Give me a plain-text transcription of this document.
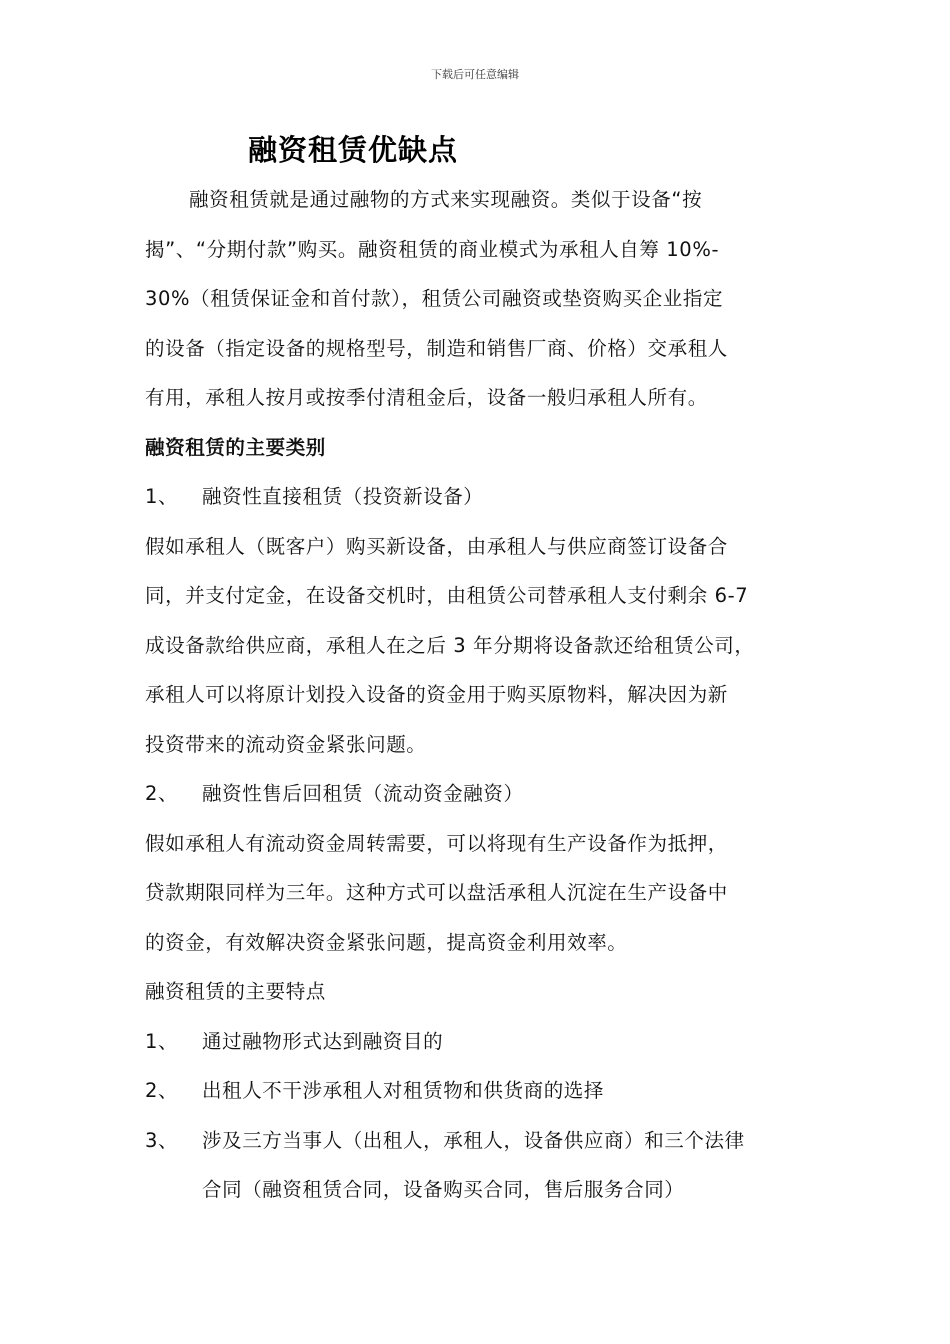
下载后可任意编辑
融资租赁优缺点
融资租赁就是通过融物的方式来实现融资。类似于设备“按
揭”、“分期付款”购买。融资租赁的商业模式为承租人自筹 10%-
30%（租赁保证金和首付款），租赁公司融资或垫资购买企业指定
的设备（指定设备的规格型号，制造和销售厂商、价格）交承租人
有用，承租人按月或按季付清租金后，设备一般归承租人所有。
融资租赁的主要类别
1、 融资性直接租赁（投资新设备）
假如承租人（既客户）购买新设备，由承租人与供应商签订设备合
同，并支付定金，在设备交机时，由租赁公司替承租人支付剩余 6-7
成设备款给供应商，承租人在之后 3 年分期将设备款还给租赁公司，
承租人可以将原计划投入设备的资金用于购买原物料，解决因为新
投资带来的流动资金紧张问题。
2、 融资性售后回租赁（流动资金融资）
假如承租人有流动资金周转需要，可以将现有生产设备作为抵押，
贷款期限同样为三年。这种方式可以盘活承租人沉淀在生产设备中
的资金，有效解决资金紧张问题，提高资金利用效率。
融资租赁的主要特点
1、 通过融物形式达到融资目的
2、 出租人不干涉承租人对租赁物和供货商的选择
3、 涉及三方当事人（出租人，承租人，设备供应商）和三个法律
合同（融资租赁合同，设备购买合同，售后服务合同）
